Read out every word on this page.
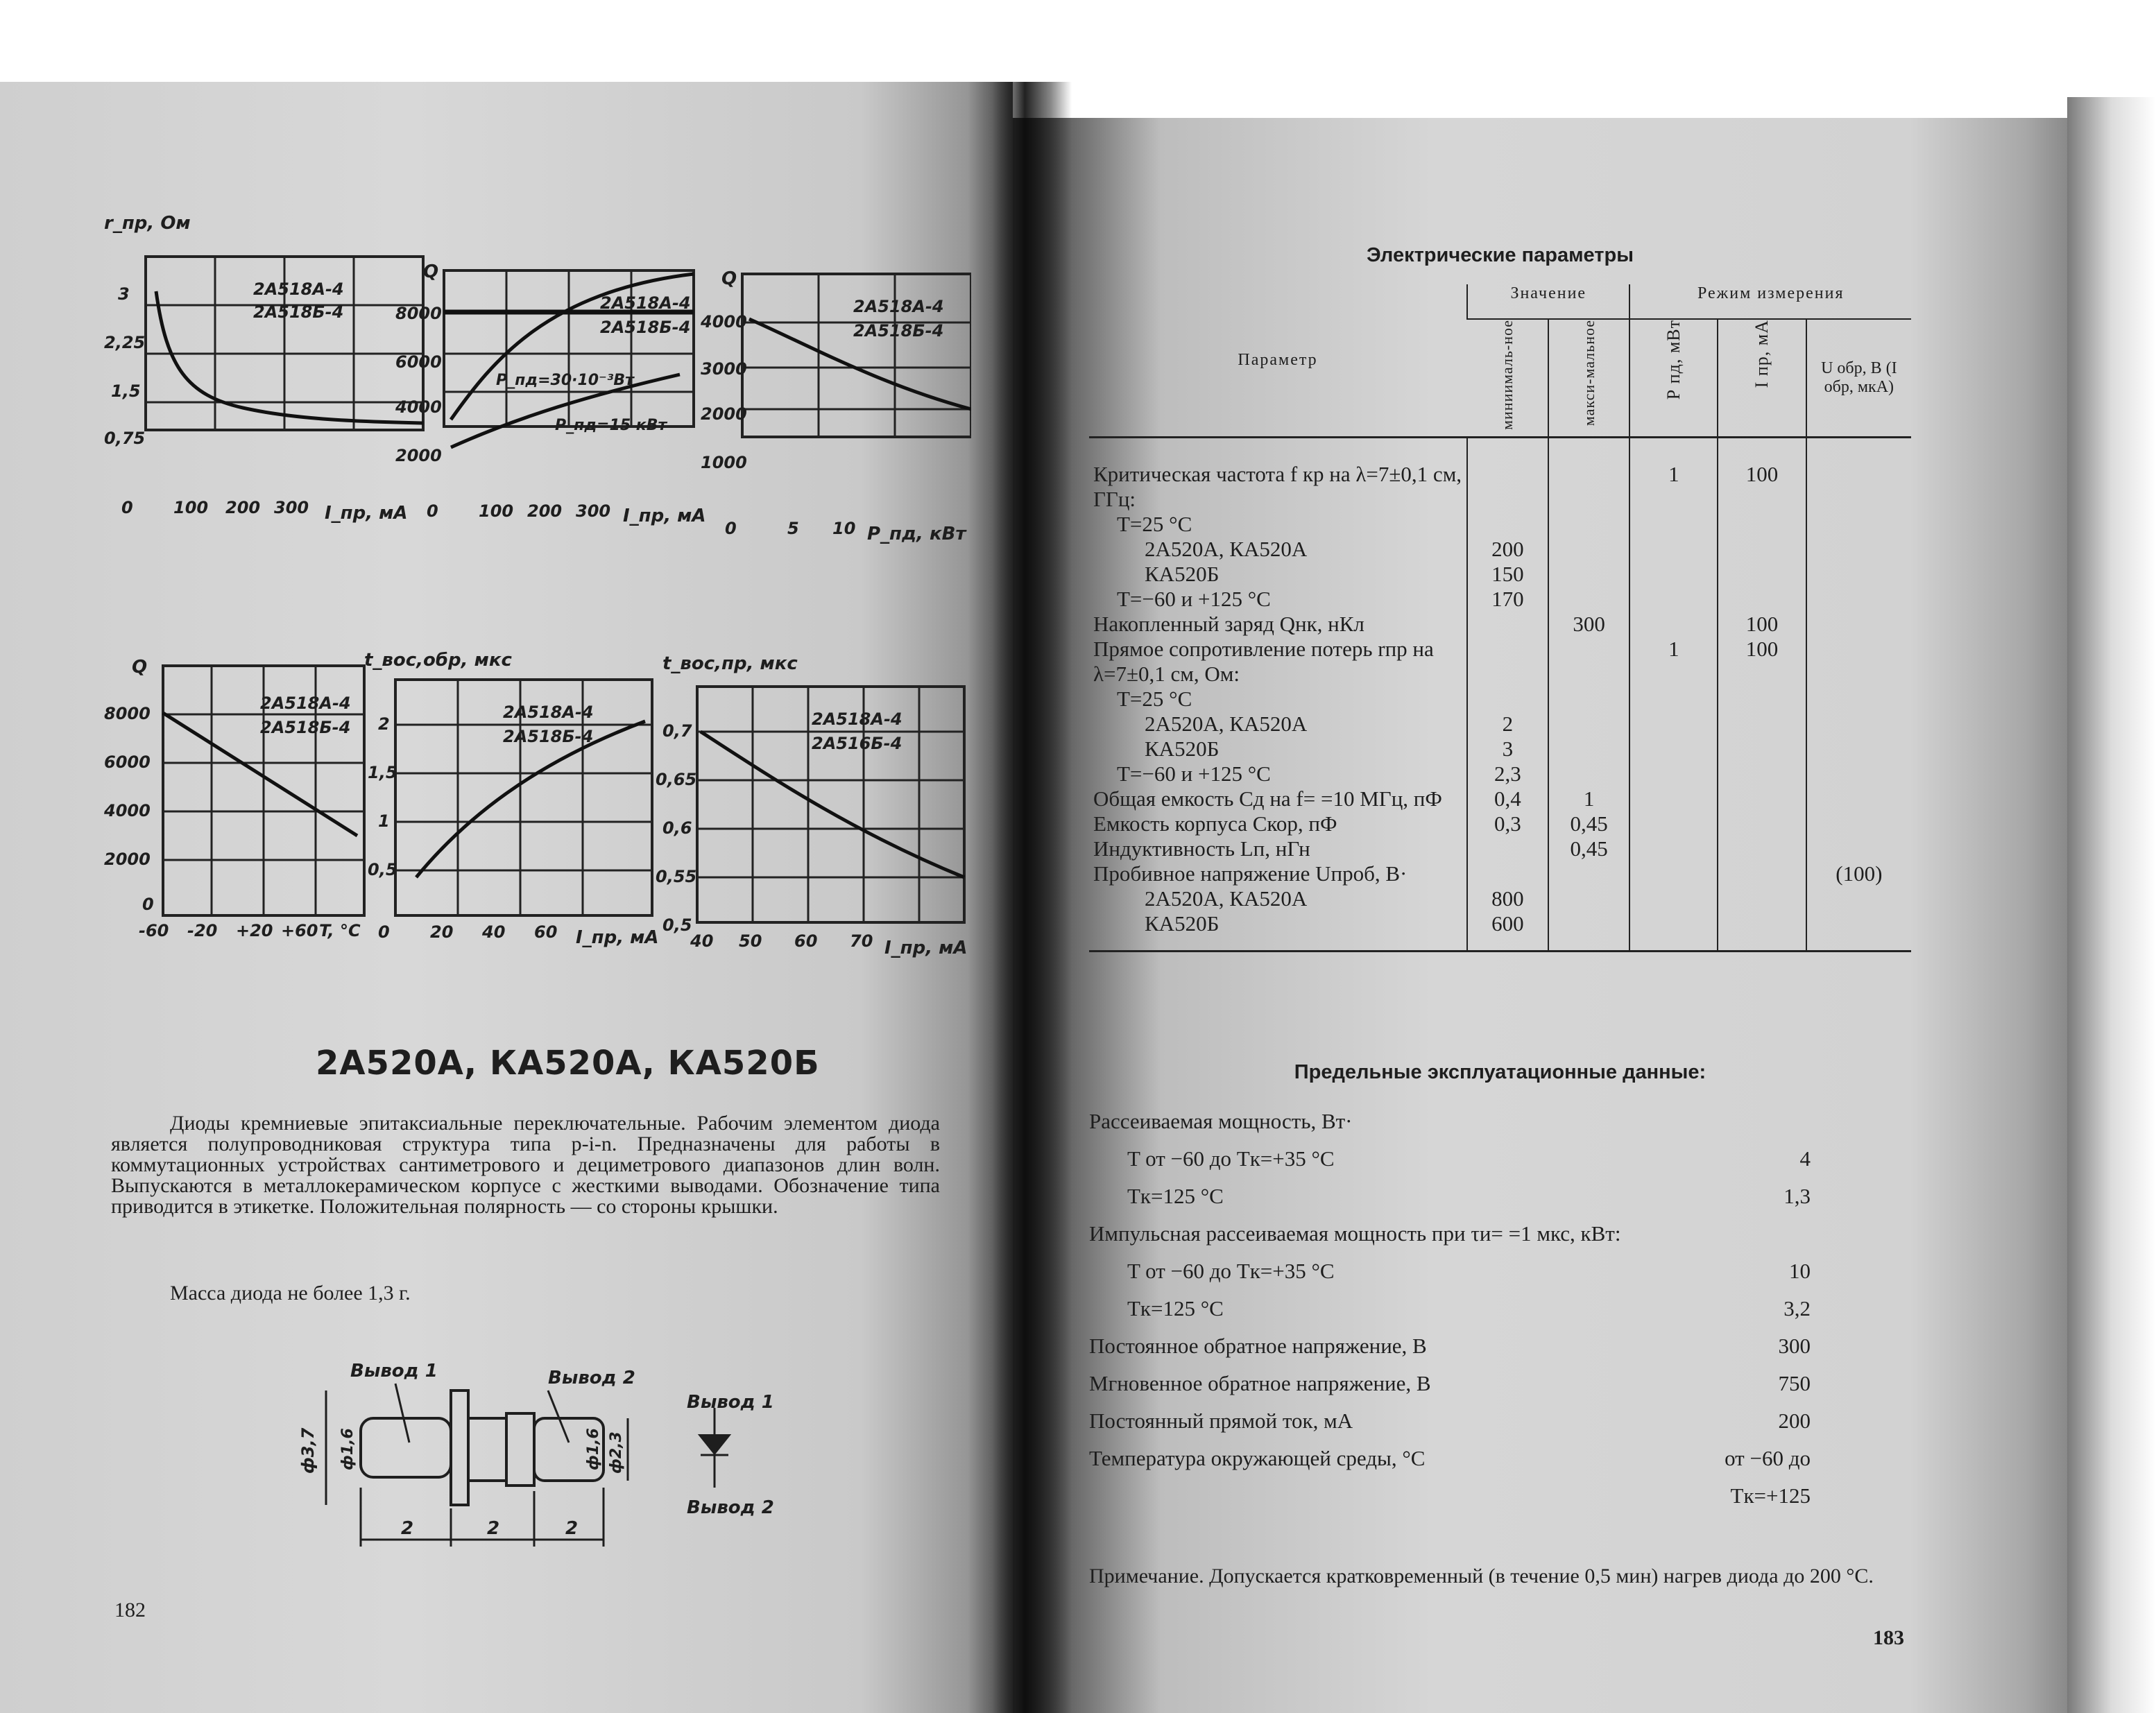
r_пр, Ом
2А518А-4
2А518Б-4
3
2,25
1,5
0,75
0 100 200 300 I_пр, мА
Q
2А518А-4
2А518Б-4
Р_пд=30·10⁻³Вт
Р_пд=15 кВт
8000
6000
4000
2000
0 100 200 300 I_пр, мА
Q
2А518А-4
2А518Б-4
4000
3000
2000
1000
0	5 10 Р_пд, кВт
Q
2А518А-4
2А518Б-4
8000
6000
4000
2000
0
-60 -20 +20 +60 T, °C
t_вос,обр, мкс
2А518А-4
2А518Б-4
2
1,5
1
0,5
0 20 40 60 I_пр, мА
t_вос,пр, мкс
2А518А-4
2А516Б-4
0,7
0,65
0,6
0,55
0,5
40 50 60 70 I_пр, мА
2А520А, КА520А, КА520Б
Диоды кремниевые эпитаксиальные переключательные. Рабочим элементом диода является полупроводниковая структура типа p-i-n. Предназначены для работы в коммутационных устройствах сантиметрового и дециметрового диапазонов длин волн. Выпускаются в металлокерамическом корпусе с жесткими выводами. Обозначение типа приводится в этикетке. Положительная полярность — со стороны крышки.
Масса диода не более 1,3 г.
Вывод 1	Вывод 2
Вывод 1
Вывод 2
ф3,7 ф1,6	ф1,6 ф2,3
2	2	2
182
Электрические параметры
Параметр	Значение		Режим измерения		

	миниималь-ное	макси-мальное	Р пд, мВт	I пр, мА	U обр, В (I обр, мкА)

Критическая частота f кр на λ=7±0,1 см, ГГц:			1	100	
T=25 °C					
2А520А, КА520А	200				
КА520Б	150				
T=−60 и +125 °C	170				
Накопленный заряд Qнк, нКл		300		100	
Прямое сопротивление потерь rпр на λ=7±0,1 см, Ом:			1	100	
T=25 °C					
2А520А, КА520А	2				
КА520Б	3				
T=−60 и +125 °C	2,3				
Общая емкость Cд на f= =10 МГц, пФ	0,4	1			
Емкость корпуса Cкор, пФ	0,3	0,45			
Индуктивность Lп, нГн		0,45			
Пробивное напряжение Uпроб, В·					(100)
2А520А, КА520А	800				
КА520Б	600				

Предельные эксплуатационные данные:
Рассеиваемая мощность, Вт·
T от −60 до Tк=+35 °C	4
Tк=125 °C	1,3
Импульсная рассеиваемая мощность при τи= =1 мкс, кВт:
T от −60 до Tк=+35 °C	10
Tк=125 °C	3,2
Постоянное обратное напряжение, В	300
Мгновенное обратное напряжение, В	750
Постоянный прямой ток, мА	200
Температура окружающей среды, °C	от −60 до
Tк=+125
Примечание. Допускается кратковременный (в течение 0,5 мин) нагрев диода до 200 °C.
183
